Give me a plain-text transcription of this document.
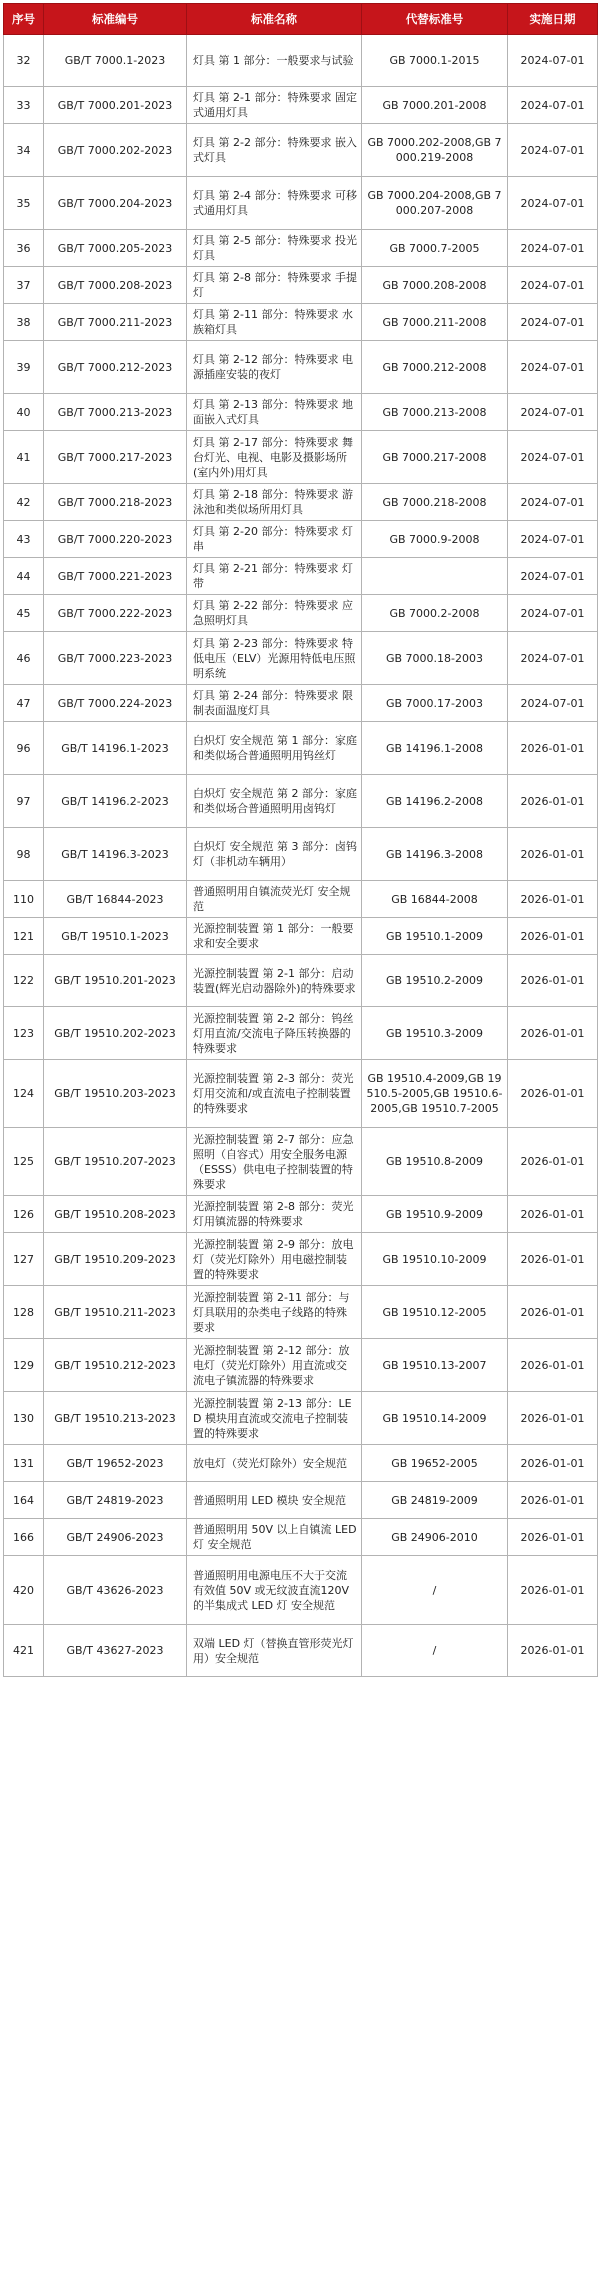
序号	标准编号	标准名称	代替标准号	实施日期
32	GB/T 7000.1-2023	灯具 第 1 部分：一般要求与试验	GB 7000.1-2015	2024-07-01
33	GB/T 7000.201-2023	灯具 第 2-1 部分：特殊要求 固定式通用灯具	GB 7000.201-2008	2024-07-01
34	GB/T 7000.202-2023	灯具 第 2-2 部分：特殊要求 嵌入式灯具	GB 7000.202-2008,GB 7000.219-2008	2024-07-01
35	GB/T 7000.204-2023	灯具 第 2-4 部分：特殊要求 可移式通用灯具	GB 7000.204-2008,GB 7000.207-2008	2024-07-01
36	GB/T 7000.205-2023	灯具 第 2-5 部分：特殊要求 投光灯具	GB 7000.7-2005	2024-07-01
37	GB/T 7000.208-2023	灯具 第 2-8 部分：特殊要求 手提灯	GB 7000.208-2008	2024-07-01
38	GB/T 7000.211-2023	灯具 第 2-11 部分：特殊要求 水族箱灯具	GB 7000.211-2008	2024-07-01
39	GB/T 7000.212-2023	灯具 第 2-12 部分：特殊要求 电源插座安装的夜灯	GB 7000.212-2008	2024-07-01
40	GB/T 7000.213-2023	灯具 第 2-13 部分：特殊要求 地面嵌入式灯具	GB 7000.213-2008	2024-07-01
41	GB/T 7000.217-2023	灯具 第 2-17 部分：特殊要求 舞台灯光、电视、电影及摄影场所(室内外)用灯具	GB 7000.217-2008	2024-07-01
42	GB/T 7000.218-2023	灯具 第 2-18 部分：特殊要求 游泳池和类似场所用灯具	GB 7000.218-2008	2024-07-01
43	GB/T 7000.220-2023	灯具 第 2-20 部分：特殊要求 灯串	GB 7000.9-2008	2024-07-01
44	GB/T 7000.221-2023	灯具 第 2-21 部分：特殊要求 灯带		2024-07-01
45	GB/T 7000.222-2023	灯具 第 2-22 部分：特殊要求 应急照明灯具	GB 7000.2-2008	2024-07-01
46	GB/T 7000.223-2023	灯具 第 2-23 部分：特殊要求 特低电压（ELV）光源用特低电压照明系统	GB 7000.18-2003	2024-07-01
47	GB/T 7000.224-2023	灯具 第 2-24 部分：特殊要求 限制表面温度灯具	GB 7000.17-2003	2024-07-01
96	GB/T 14196.1-2023	白炽灯 安全规范 第 1 部分：家庭和类似场合普通照明用钨丝灯	GB 14196.1-2008	2026-01-01
97	GB/T 14196.2-2023	白炽灯 安全规范 第 2 部分：家庭和类似场合普通照明用卤钨灯	GB 14196.2-2008	2026-01-01
98	GB/T 14196.3-2023	白炽灯 安全规范 第 3 部分：卤钨灯（非机动车辆用）	GB 14196.3-2008	2026-01-01
110	GB/T 16844-2023	普通照明用自镇流荧光灯 安全规范	GB 16844-2008	2026-01-01
121	GB/T 19510.1-2023	光源控制装置 第 1 部分：一般要求和安全要求	GB 19510.1-2009	2026-01-01
122	GB/T 19510.201-2023	光源控制装置 第 2-1 部分：启动装置(辉光启动器除外)的特殊要求	GB 19510.2-2009	2026-01-01
123	GB/T 19510.202-2023	光源控制装置 第 2-2 部分：钨丝灯用直流/交流电子降压转换器的特殊要求	GB 19510.3-2009	2026-01-01
124	GB/T 19510.203-2023	光源控制装置 第 2-3 部分：荧光灯用交流和/或直流电子控制装置的特殊要求	GB 19510.4-2009,GB 19510.5-2005,GB 19510.6-2005,GB 19510.7-2005	2026-01-01
125	GB/T 19510.207-2023	光源控制装置 第 2-7 部分：应急照明（自容式）用安全服务电源（ESSS）供电电子控制装置的特殊要求	GB 19510.8-2009	2026-01-01
126	GB/T 19510.208-2023	光源控制装置 第 2-8 部分：荧光灯用镇流器的特殊要求	GB 19510.9-2009	2026-01-01
127	GB/T 19510.209-2023	光源控制装置 第 2-9 部分：放电灯（荧光灯除外）用电磁控制装置的特殊要求	GB 19510.10-2009	2026-01-01
128	GB/T 19510.211-2023	光源控制装置 第 2-11 部分：与灯具联用的杂类电子线路的特殊要求	GB 19510.12-2005	2026-01-01
129	GB/T 19510.212-2023	光源控制装置 第 2-12 部分：放电灯（荧光灯除外）用直流或交流电子镇流器的特殊要求	GB 19510.13-2007	2026-01-01
130	GB/T 19510.213-2023	光源控制装置 第 2-13 部分：LED 模块用直流或交流电子控制装置的特殊要求	GB 19510.14-2009	2026-01-01
131	GB/T 19652-2023	放电灯（荧光灯除外）安全规范	GB 19652-2005	2026-01-01
164	GB/T 24819-2023	普通照明用 LED 模块 安全规范	GB 24819-2009	2026-01-01
166	GB/T 24906-2023	普通照明用 50V 以上自镇流 LED 灯 安全规范	GB 24906-2010	2026-01-01
420	GB/T 43626-2023	普通照明用电源电压不大于交流有效值 50V 或无纹波直流120V 的半集成式 LED 灯 安全规范	/	2026-01-01
421	GB/T 43627-2023	双端 LED 灯（替换直管形荧光灯用）安全规范	/	2026-01-01
